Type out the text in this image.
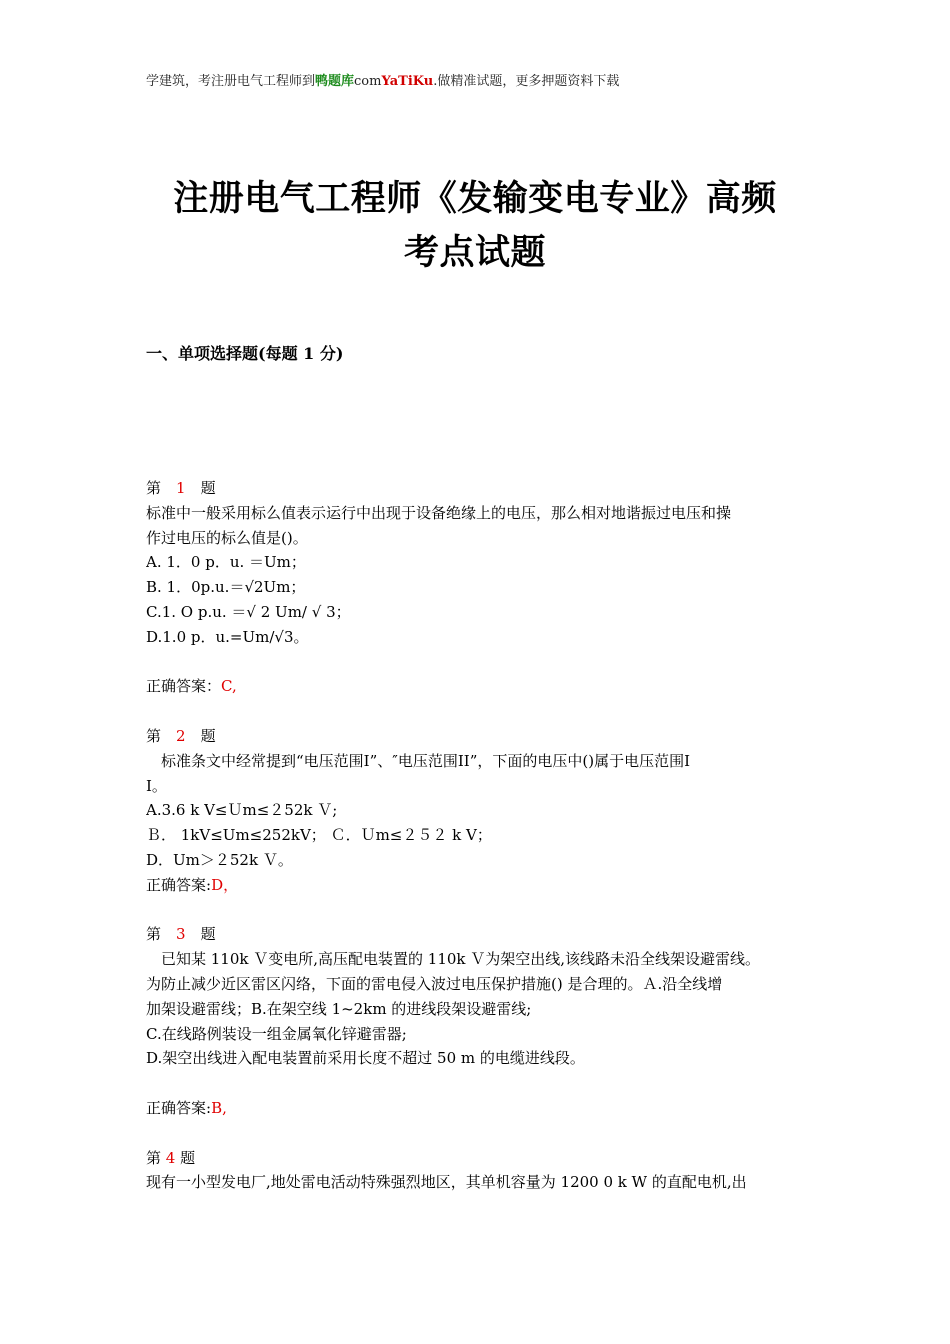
学建筑，考注册电气工程师到鸭题库comYaTiKu.做精准试题，更多押题资料下载
注册电气工程师《发输变电专业》高频
考点试题
一、单项选择题(每题 1 分)
第　 1　 题
标准中一般采用标么值表示运行中出现于设备绝缘上的电压，那么相对地谐振过电压和操
作过电压的标么值是()。
A. 1．0 p．u. ＝Um；
B. 1．0p.u.＝√2Um；
C.1. O p.u. ＝√ 2 Um/ √ 3；
D.1.0 p．u.=Um/√3。
正确答案：C,
第　 2　 题
　标准条文中经常提到“电压范围Ⅰ”、″电压范围ⅠⅠ”，下面的电压中()属于电压范围Ⅰ
Ⅰ。
A.3.6 k V≤Ｕm≤２52k Ｖ;
Ｂ． 1kV≤Um≤252kV； Ｃ．Ｕm≤２５２ k V；
D．Um＞２52k Ｖ。
正确答案:D，
第　 3　 题
　已知某 110k Ｖ变电所,高压配电装置的 110k Ｖ为架空出线,该线路未沿全线架设避雷线。
为防止减少近区雷区闪络，下面的雷电侵入波过电压保护措施() 是合理的。Ａ.沿全线增
加架设避雷线；B.在架空线 1~2km 的进线段架设避雷线;
C.在线路例装设一组金属氧化锌避雷器;
D.架空出线进入配电装置前采用长度不超过 50 m 的电缆进线段。
正确答案:B,
第 4 题
现有一小型发电厂,地处雷电活动特殊强烈地区，其单机容量为 1200 0 k W 的直配电机,出
